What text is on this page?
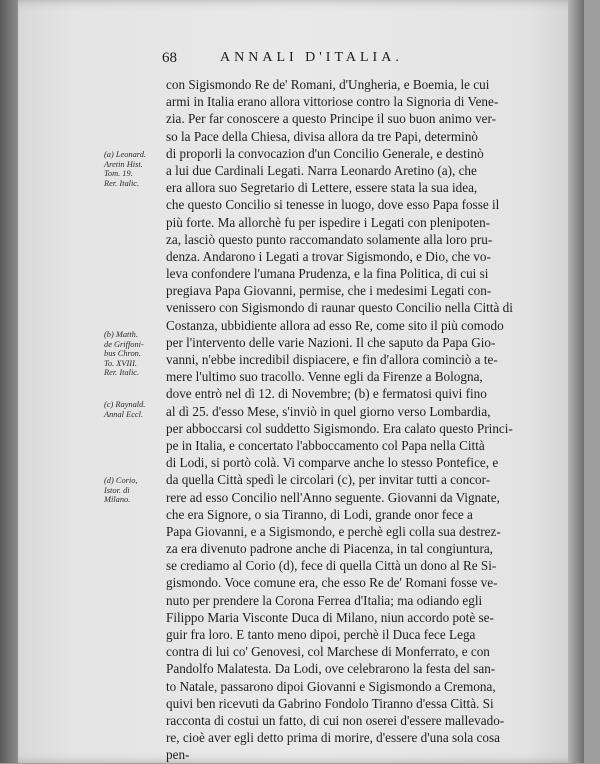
68	ANNALI D'ITALIA.
con Sigismondo Re de' Romani, d'Ungheria, e Boemia, le cui
armi in Italia erano allora vittoriose contro la Signoria di Vene-
zia. Per far conoscere a questo Principe il suo buon animo ver-
so la Pace della Chiesa, divisa allora da tre Papi, determinò
di proporli la convocazion d'un Concilio Generale, e destinò
a lui due Cardinali Legati. Narra Leonardo Aretino (a), che
era allora suo Segretario di Lettere, essere stata la sua idea,
che questo Concilio si tenesse in luogo, dove esso Papa fosse il
più forte. Ma allorchè fu per ispedire i Legati con plenipoten-
za, lasciò questo punto raccomandato solamente alla loro pru-
denza. Andarono i Legati a trovar Sigismondo, e Dio, che vo-
leva confondere l'umana Prudenza, e la fina Politica, di cui si
pregiava Papa Giovanni, permise, che i medesimi Legati con-
venissero con Sigismondo di raunar questo Concilio nella Città di
Costanza, ubbidiente allora ad esso Re, come sito il più comodo
per l'intervento delle varie Nazioni. Il che saputo da Papa Gio-
vanni, n'ebbe incredibil dispiacere, e fin d'allora cominciò a te-
mere l'ultimo suo tracollo. Venne egli da Firenze a Bologna,
dove entrò nel dì 12. di Novembre; (b) e fermatosi quivi fino
al dì 25. d'esso Mese, s'inviò in quel giorno verso Lombardia,
per abboccarsi col suddetto Sigismondo. Era calato questo Princi-
pe in Italia, e concertato l'abboccamento col Papa nella Città
di Lodi, si portò colà. Vi comparve anche lo stesso Pontefice, e
da quella Città spedì le circolari (c), per invitar tutti a concor-
rere ad esso Concilio nell'Anno seguente. Giovanni da Vignate,
che era Signore, o sia Tiranno, di Lodi, grande onor fece a
Papa Giovanni, e a Sigismondo, e perchè egli colla sua destrez-
za era divenuto padrone anche di Piacenza, in tal congiuntura,
se crediamo al Corio (d), fece di quella Città un dono al Re Si-
gismondo. Voce comune era, che esso Re de' Romani fosse ve-
nuto per prendere la Corona Ferrea d'Italia; ma odiando egli
Filippo Maria Visconte Duca di Milano, niun accordo potè se-
guir fra loro. E tanto meno dipoi, perchè il Duca fece Lega
contra di lui co' Genovesi, col Marchese di Monferrato, e con
Pandolfo Malatesta. Da Lodi, ove celebrarono la festa del san-
to Natale, passarono dipoi Giovanni e Sigismondo a Cremona,
quivi ben ricevuti da Gabrino Fondolo Tiranno d'essa Città. Si
racconta di costui un fatto, di cui non oserei d'essere mallevado-
re, cioè aver egli detto prima di morire, d'essere d'una sola cosa
pen-
(a) Leonard.
Aretin Hist.
Tom. 19.
Rer. Italic.
(b) Matth.
de Griffoni-
bus Chron.
To. XVIII.
Rer. Italic.
(c) Raynald.
Annal Eccl.
(d) Corio,
Istor. di
Milano.
